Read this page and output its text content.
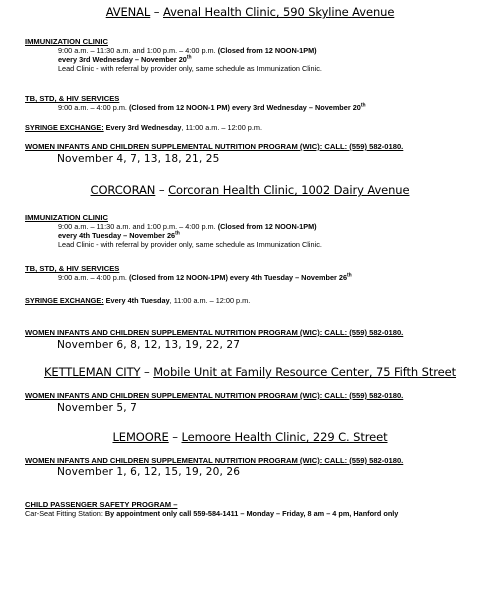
AVENAL – Avenal Health Clinic, 590 Skyline Avenue
IMMUNIZATION CLINIC
9:00 a.m. – 11:30 a.m. and 1:00 p.m. – 4:00 p.m. (Closed from 12 NOON-1PM)
every 3rd Wednesday – November 20th
Lead Clinic - with referral by provider only, same schedule as Immunization Clinic.
TB, STD, & HIV SERVICES
9:00 a.m. – 4:00 p.m. (Closed from 12 NOON-1 PM) every 3rd Wednesday – November 20th
SYRINGE EXCHANGE: Every 3rd Wednesday, 11:00 a.m. – 12:00 p.m.
WOMEN INFANTS AND CHILDREN SUPPLEMENTAL NUTRITION PROGRAM (WIC): CALL: (559) 582-0180.
November 4, 7, 13, 18, 21, 25
CORCORAN – Corcoran Health Clinic, 1002 Dairy Avenue
IMMUNIZATION CLINIC
9:00 a.m. – 11:30 a.m. and 1:00 p.m. – 4:00 p.m. (Closed from 12 NOON-1PM)
every 4th Tuesday – November 26th
Lead Clinic - with referral by provider only, same schedule as Immunization Clinic.
TB, STD, & HIV SERVICES
9:00 a.m. – 4:00 p.m. (Closed from 12 NOON-1PM) every 4th Tuesday – November 26th
SYRINGE EXCHANGE: Every 4th Tuesday, 11:00 a.m. – 12:00 p.m.
WOMEN INFANTS AND CHILDREN SUPPLEMENTAL NUTRITION PROGRAM (WIC): CALL: (559) 582-0180.
November 6, 8, 12, 13, 19, 22, 27
KETTLEMAN CITY – Mobile Unit at Family Resource Center, 75 Fifth Street
WOMEN INFANTS AND CHILDREN SUPPLEMENTAL NUTRITION PROGRAM (WIC): CALL: (559) 582-0180.
November 5, 7
LEMOORE – Lemoore Health Clinic, 229 C. Street
WOMEN INFANTS AND CHILDREN SUPPLEMENTAL NUTRITION PROGRAM (WIC): CALL: (559) 582-0180.
November 1, 6, 12, 15, 19, 20, 26
CHILD PASSENGER SAFETY PROGRAM –
Car-Seat Fitting Station: By appointment only call 559-584-1411 – Monday – Friday, 8 am – 4 pm, Hanford only
